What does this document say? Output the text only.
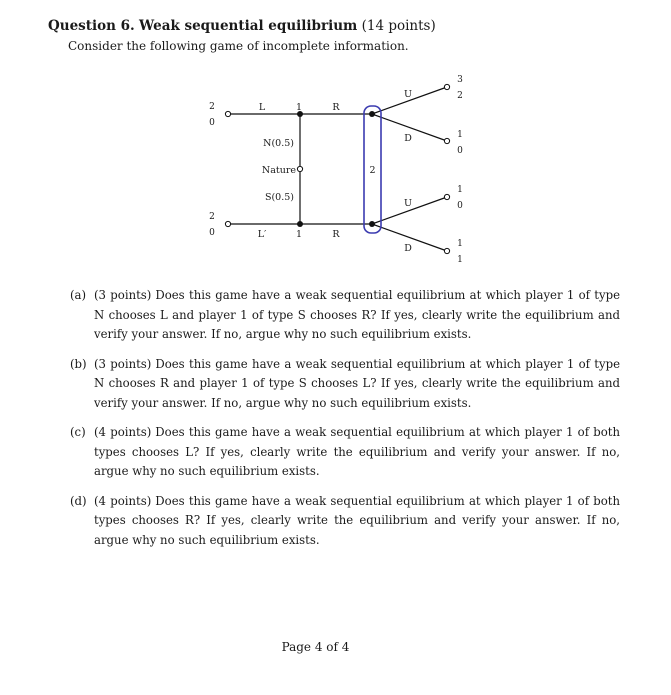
Question 6. Weak sequential equilibrium (14 points)
Consider the following game of incomplete information.
2
L	R
L′	R
U
D
U
D
1
1
N(0.5)
Nature
S(0.5)
2
0
2
0
3
2
1
0
1
0
1
1
(a) (3 points) Does this game have a weak sequential equilibrium at which player 1 of type N chooses L and player 1 of type S chooses R? If yes, clearly write the equilibrium and verify your answer. If no, argue why no such equilibrium exists.
(b) (3 points) Does this game have a weak sequential equilibrium at which player 1 of type N chooses R and player 1 of type S chooses L? If yes, clearly write the equilibrium and verify your answer. If no, argue why no such equilibrium exists.
(c) (4 points) Does this game have a weak sequential equilibrium at which player 1 of both types chooses L? If yes, clearly write the equilibrium and verify your answer. If no, argue why no such equilibrium exists.
(d) (4 points) Does this game have a weak sequential equilibrium at which player 1 of both types chooses R? If yes, clearly write the equilibrium and verify your answer. If no, argue why no such equilibrium exists.
Page 4 of 4
